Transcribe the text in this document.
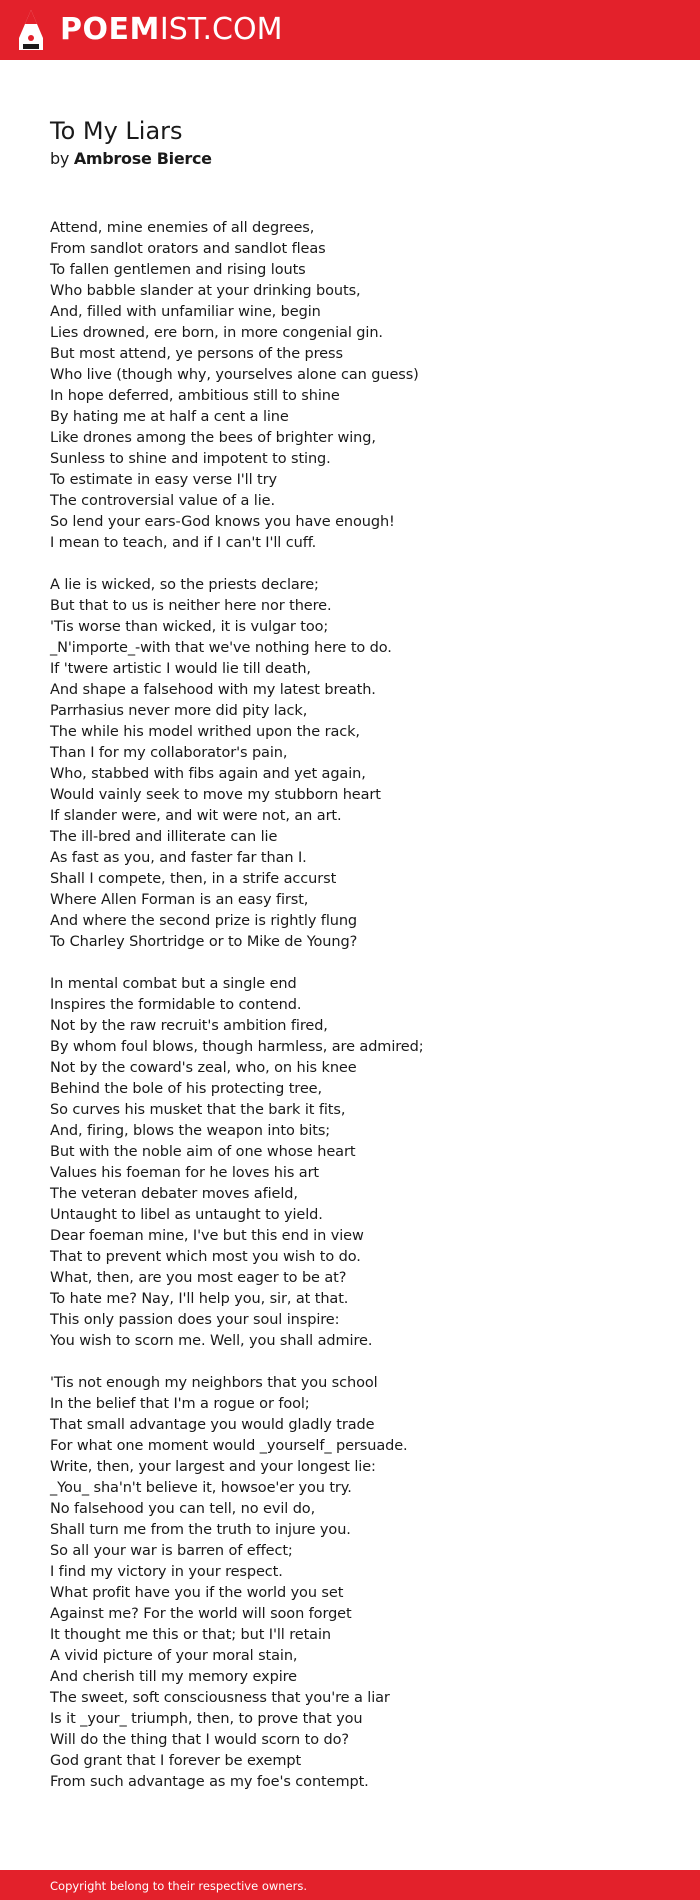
POEMIST.COM
To My Liars
by Ambrose Bierce
Attend, mine enemies of all degrees,
From sandlot orators and sandlot fleas
To fallen gentlemen and rising louts
Who babble slander at your drinking bouts,
And, filled with unfamiliar wine, begin
Lies drowned, ere born, in more congenial gin.
But most attend, ye persons of the press
Who live (though why, yourselves alone can guess)
In hope deferred, ambitious still to shine
By hating me at half a cent a line
Like drones among the bees of brighter wing,
Sunless to shine and impotent to sting.
To estimate in easy verse I'll try
The controversial value of a lie.
So lend your ears-God knows you have enough!
I mean to teach, and if I can't I'll cuff.
A lie is wicked, so the priests declare;
But that to us is neither here nor there.
'Tis worse than wicked, it is vulgar too;
_N'importe_-with that we've nothing here to do.
If 'twere artistic I would lie till death,
And shape a falsehood with my latest breath.
Parrhasius never more did pity lack,
The while his model writhed upon the rack,
Than I for my collaborator's pain,
Who, stabbed with fibs again and yet again,
Would vainly seek to move my stubborn heart
If slander were, and wit were not, an art.
The ill-bred and illiterate can lie
As fast as you, and faster far than I.
Shall I compete, then, in a strife accurst
Where Allen Forman is an easy first,
And where the second prize is rightly flung
To Charley Shortridge or to Mike de Young?
In mental combat but a single end
Inspires the formidable to contend.
Not by the raw recruit's ambition fired,
By whom foul blows, though harmless, are admired;
Not by the coward's zeal, who, on his knee
Behind the bole of his protecting tree,
So curves his musket that the bark it fits,
And, firing, blows the weapon into bits;
But with the noble aim of one whose heart
Values his foeman for he loves his art
The veteran debater moves afield,
Untaught to libel as untaught to yield.
Dear foeman mine, I've but this end in view
That to prevent which most you wish to do.
What, then, are you most eager to be at?
To hate me? Nay, I'll help you, sir, at that.
This only passion does your soul inspire:
You wish to scorn me. Well, you shall admire.
'Tis not enough my neighbors that you school
In the belief that I'm a rogue or fool;
That small advantage you would gladly trade
For what one moment would _yourself_ persuade.
Write, then, your largest and your longest lie:
_You_ sha'n't believe it, howsoe'er you try.
No falsehood you can tell, no evil do,
Shall turn me from the truth to injure you.
So all your war is barren of effect;
I find my victory in your respect.
What profit have you if the world you set
Against me? For the world will soon forget
It thought me this or that; but I'll retain
A vivid picture of your moral stain,
And cherish till my memory expire
The sweet, soft consciousness that you're a liar
Is it _your_ triumph, then, to prove that you
Will do the thing that I would scorn to do?
God grant that I forever be exempt
From such advantage as my foe's contempt.
Copyright belong to their respective owners.
